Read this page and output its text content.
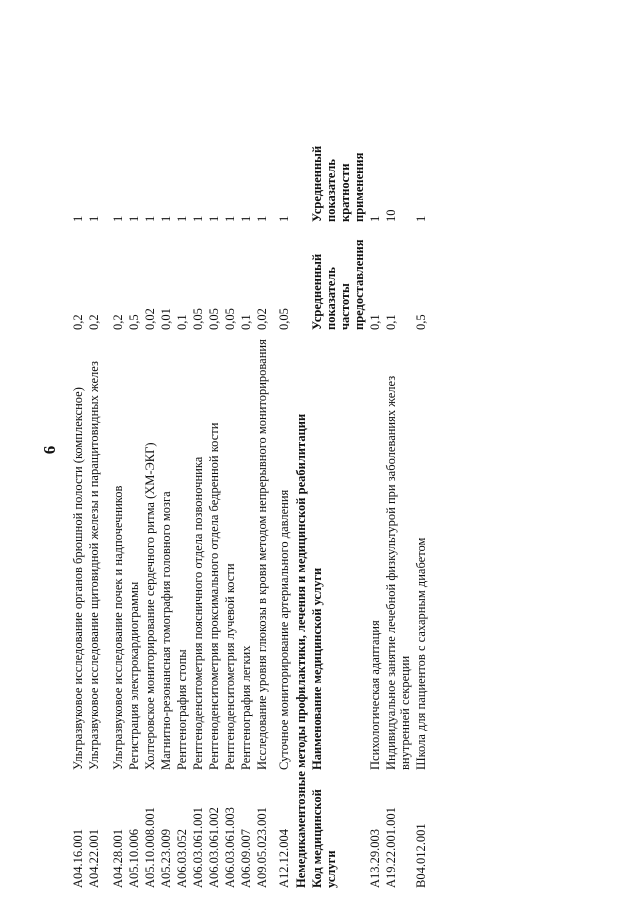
6
A04.16.001	Ультразвуковое исследование органов брюшной полости (комплексное)	0,2	1	
A04.22.001	Ультразвуковое исследование щитовидной железы и паращитовидных желез	0,2	1	

A04.28.001	Ультразвуковое исследование почек и надпочечников	0,2	1	
A05.10.006	Регистрация электрокардиограммы	0,5	1	
A05.10.008.001	Холтеровское мониторирование сердечного ритма (ХМ-ЭКГ)	0,02	1	
A05.23.009	Магнитно-резонансная томография головного мозга	0,01	1	
A06.03.052	Рентгенография стопы	0,1	1	
A06.03.061.001	Рентгеноденситометрия поясничного отдела позвоночника	0,05	1	
A06.03.061.002	Рентгеноденситометрия проксимального отдела бедренной кости	0,05	1	
A06.03.061.003	Рентгеноденситометрия лучевой кости	0,05	1	
A06.09.007	Рентгенография легких	0,1	1	
A09.05.023.001	Исследование уровня глюкозы в крови методом непрерывного мониторирования	0,02	1	

A12.12.004	Суточное мониторирование артериального давления	0,05	1	
Немедикаментозные методы профилактики, лечения и медицинской реабилитации				
Код медицинской услуги	Наименование медицинской услуги	Усредненный показатель частоты предоставления	Усредненный показатель кратности применения	
A13.29.003	Психологическая адаптация	0,1	1	
A19.22.001.001	Индивидуальное занятие лечебной физкультурой при заболеваниях желез внутренней секреции	0,1	10	
B04.012.001	Школа для пациентов с сахарным диабетом	0,5	1	
